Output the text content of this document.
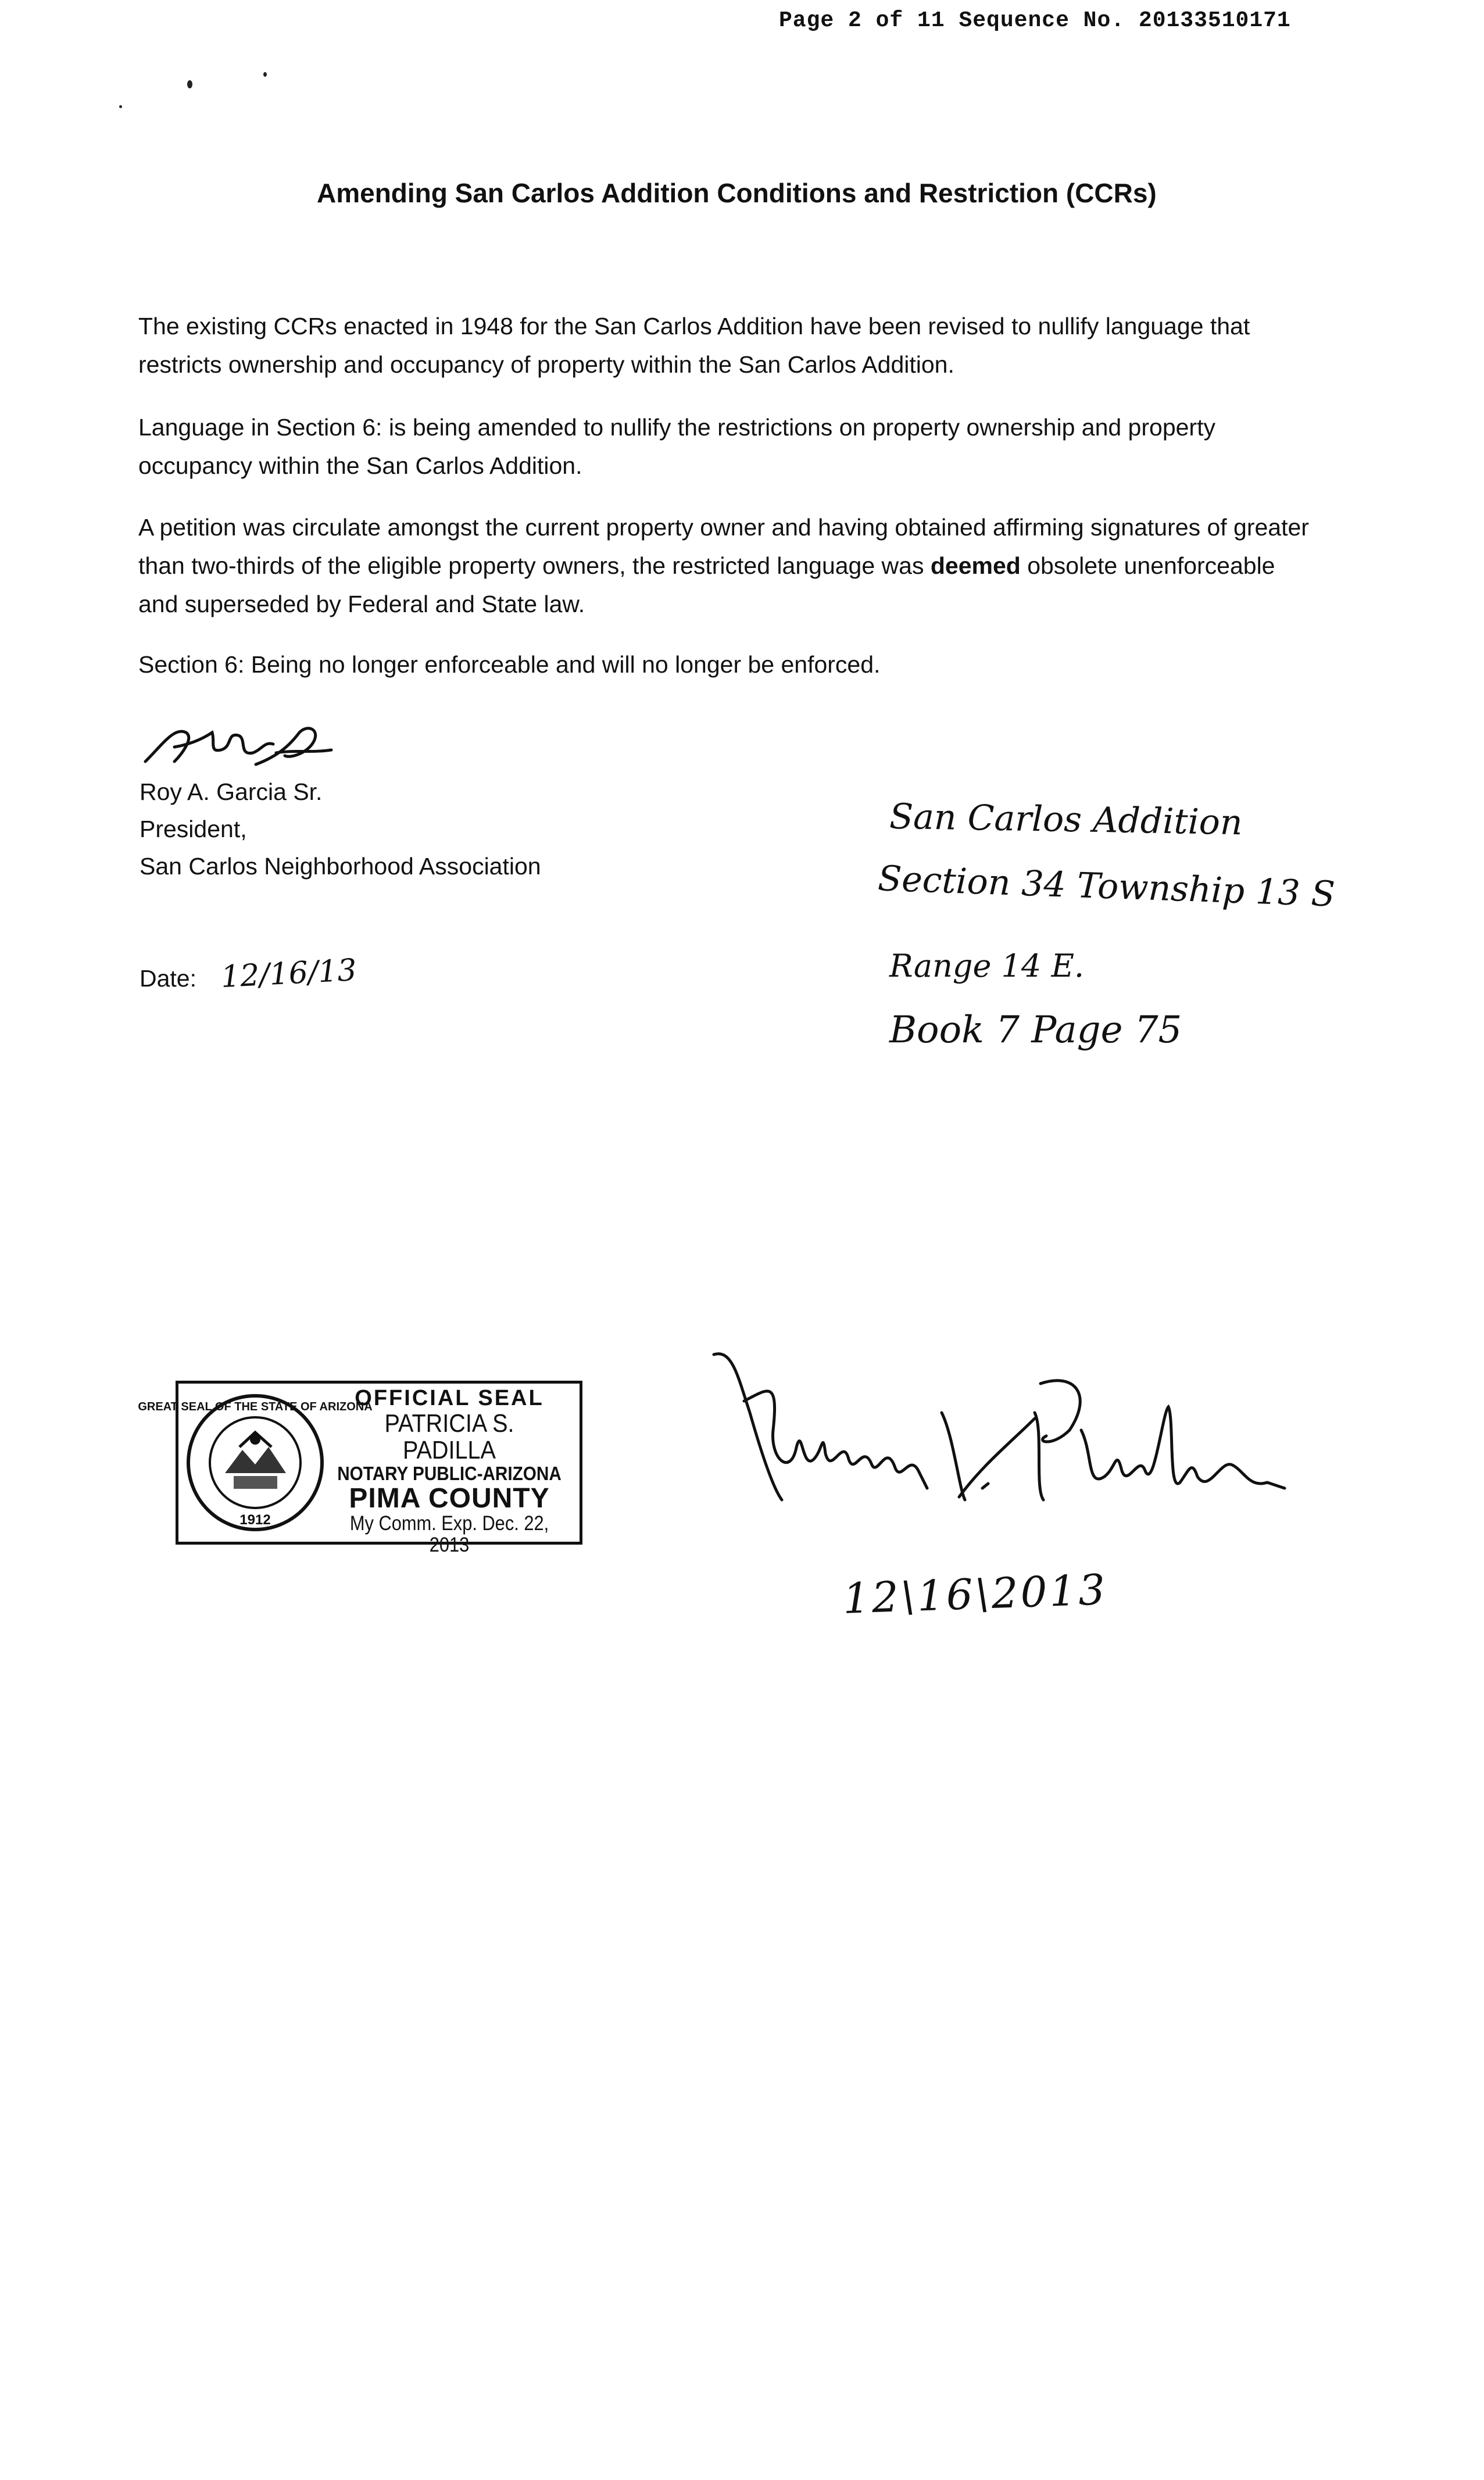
Page 2 of 11 Sequence No. 20133510171
Amending San Carlos Addition Conditions and Restriction (CCRs)
The existing CCRs enacted in 1948 for the San Carlos Addition have been revised to nullify language that restricts ownership and occupancy of property within the San Carlos Addition.
Language in Section 6: is being amended to nullify the restrictions on property ownership and property occupancy within the San Carlos Addition.
A petition was circulate amongst the current property owner and having obtained affirming signatures of greater than two-thirds of the eligible property owners, the restricted language was deemed obsolete unenforceable and superseded by Federal and State law.
Section 6: Being no longer enforceable and will no longer be enforced.
Roy A. Garcia Sr.
President,
San Carlos Neighborhood Association
Date: 12/16/13
San Carlos Addition
Section 34 Township 13 S
Range 14 E.
Book 7 Page 75
GREAT SEAL OF THE STATE OF ARIZONA
1912
OFFICIAL SEAL
PATRICIA S. PADILLA
NOTARY PUBLIC-ARIZONA
PIMA COUNTY
My Comm. Exp. Dec. 22, 2013
12\16\2013
